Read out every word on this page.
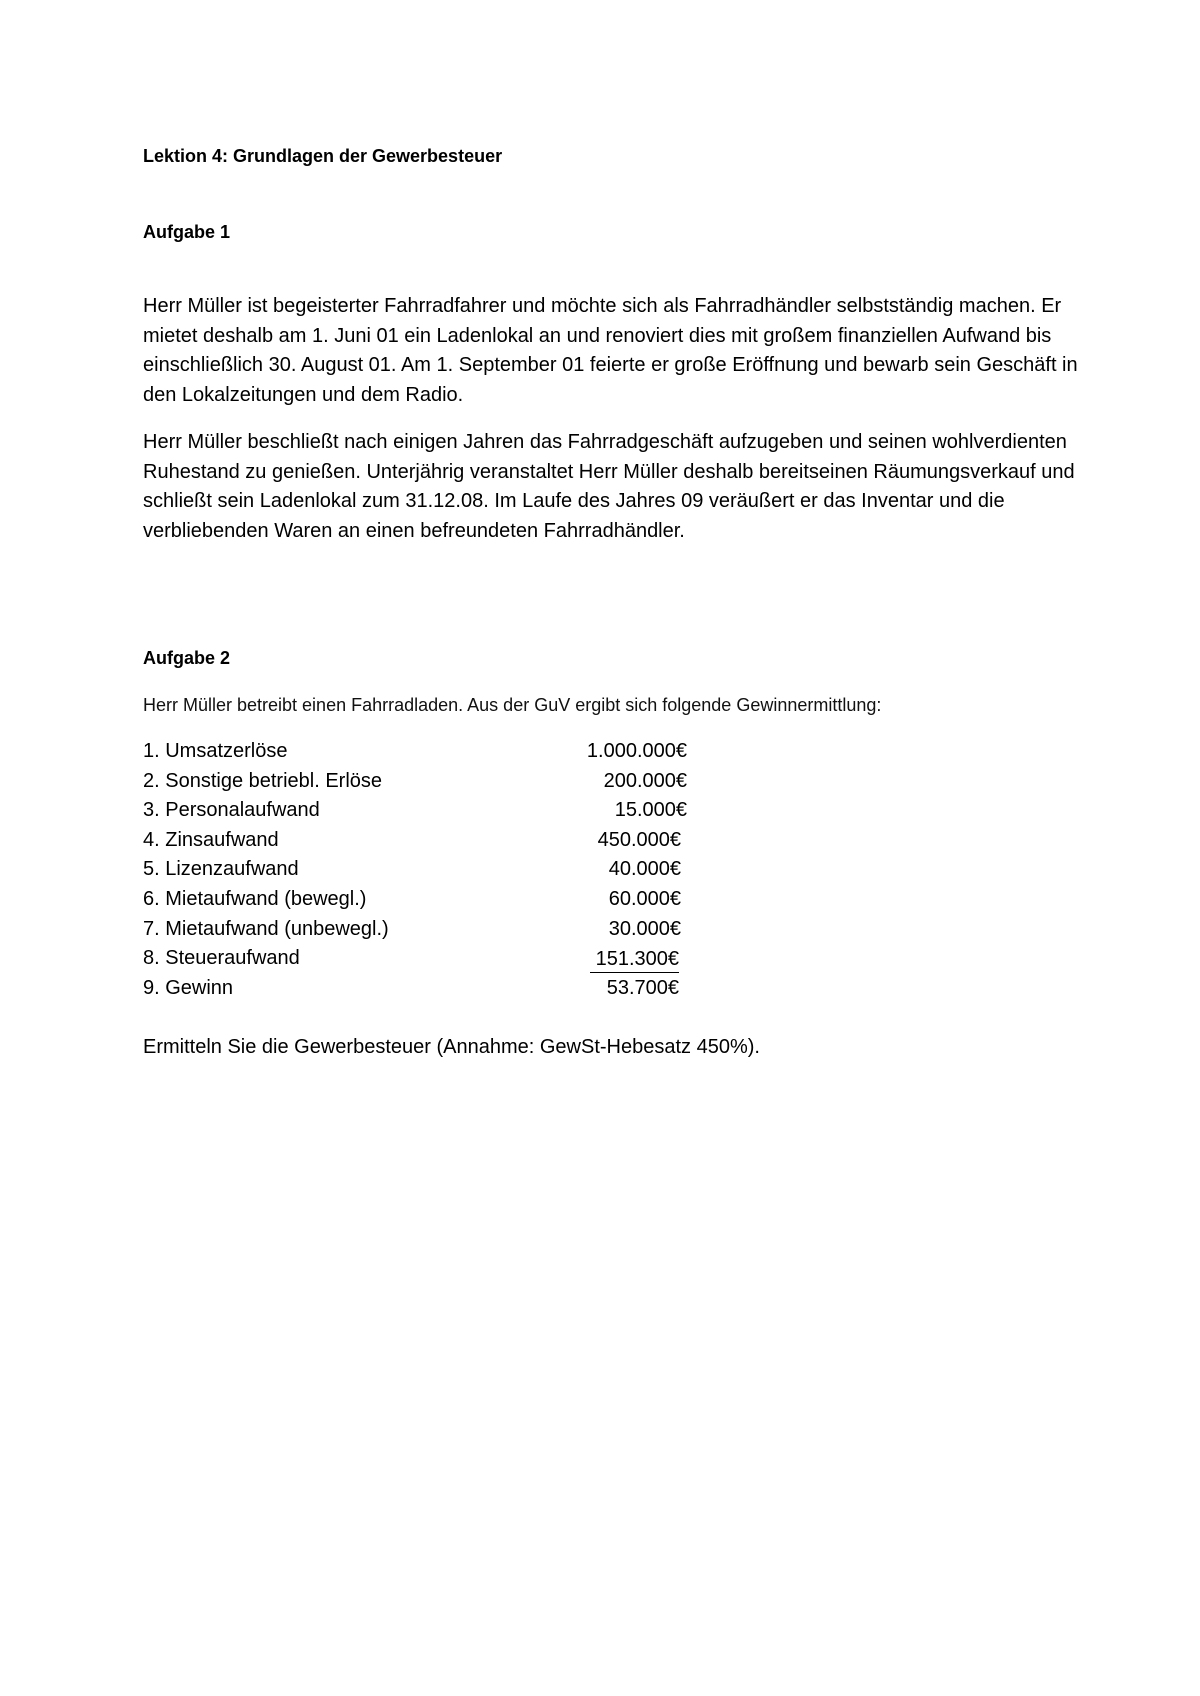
Lektion 4: Grundlagen der Gewerbesteuer
Aufgabe 1

Herr Müller ist begeisterter Fahrradfahrer und möchte sich als Fahrradhändler selbstständig machen. Er mietet deshalb am 1. Juni 01 ein Ladenlokal an und renoviert dies mit großem finanziellen Aufwand bis einschließlich 30. August 01. Am 1. September 01 feierte er große Eröffnung und bewarb sein Geschäft in den Lokalzeitungen und dem Radio.

Herr Müller beschließt nach einigen Jahren das Fahrradgeschäft aufzugeben und seinen wohlverdienten Ruhestand zu genießen. Unterjährig veranstaltet Herr Müller deshalb bereitseinen Räumungsverkauf und schließt sein Ladenlokal zum 31.12.08. Im Laufe des Jahres 09 veräußert er das Inventar und die verbliebenden Waren an einen befreundeten Fahrradhändler.

Aufgabe 2
Herr Müller betreibt einen Fahrradladen. Aus der GuV ergibt sich folgende Gewinnermittlung:
1. Umsatzerlöse	1.000.000€
2. Sonstige betriebl. Erlöse	200.000€
3. Personalaufwand	15.000€
4. Zinsaufwand	450.000€
5. Lizenzaufwand	40.000€
6. Mietaufwand (bewegl.)	60.000€
7. Mietaufwand (unbewegl.)	30.000€
8. Steueraufwand	151.300€
9. Gewinn	53.700€
Ermitteln Sie die Gewerbesteuer (Annahme: GewSt-Hebesatz 450%).
